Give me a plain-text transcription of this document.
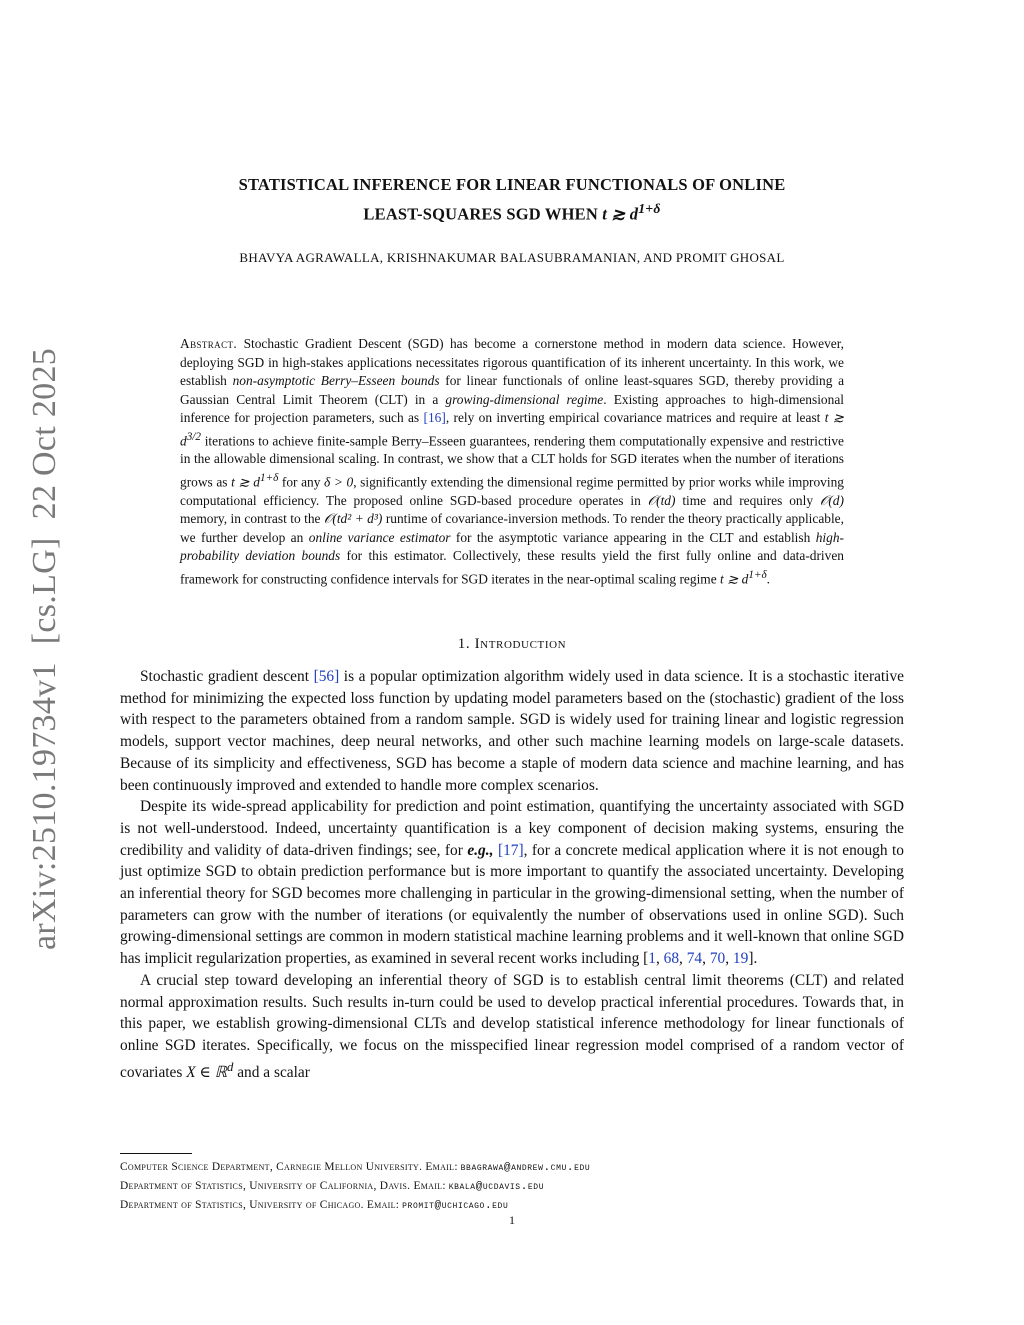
arXiv:2510.19734v1[cs.LG]22 Oct 2025
STATISTICAL INFERENCE FOR LINEAR FUNCTIONALS OF ONLINE
LEAST-SQUARES SGD WHEN t ≳ $d^{1+\delta}$
BHAVYA AGRAWALLA, KRISHNAKUMAR BALASUBRAMANIAN, AND PROMIT GHOSAL
Abstract. Stochastic Gradient Descent (SGD) has become a cornerstone method in modern data science. However, deploying SGD in high-stakes applications necessitates rigorous quantification of its inherent uncertainty. In this work, we establish non-asymptotic Berry–Esseen bounds for linear functionals of online least-squares SGD, thereby providing a Gaussian Central Limit Theorem (CLT) in a growing-dimensional regime. Existing approaches to high-dimensional inference for projection parameters, such as [16], rely on inverting empirical covariance matrices and require at least t ≳ $d^{3/2}$ iterations to achieve finite-sample Berry–Esseen guarantees, rendering them computationally expensive and restrictive in the allowable dimensional scaling. In contrast, we show that a CLT holds for SGD iterates when the number of iterations grows as t ≳ $d^{1+\delta}$ for any δ > 0, significantly extending the dimensional regime permitted by prior works while improving computational efficiency. The proposed online SGD-based procedure operates in 𝒪(td) time and requires only 𝒪(d) memory, in contrast to the 𝒪(td² + d³) runtime of covariance-inversion methods. To render the theory practically applicable, we further develop an online variance estimator for the asymptotic variance appearing in the CLT and establish high-probability deviation bounds for this estimator. Collectively, these results yield the first fully online and data-driven framework for constructing confidence intervals for SGD iterates in the near-optimal scaling regime t ≳ $d^{1+\delta}$.
1. Introduction

Stochastic gradient descent [56] is a popular optimization algorithm widely used in data science. It is a stochastic iterative method for minimizing the expected loss function by updating model parameters based on the (stochastic) gradient of the loss with respect to the parameters obtained from a random sample. SGD is widely used for training linear and logistic regression models, support vector machines, deep neural networks, and other such machine learning models on large-scale datasets. Because of its simplicity and effectiveness, SGD has become a staple of modern data science and machine learning, and has been continuously improved and extended to handle more complex scenarios.

Despite its wide-spread applicability for prediction and point estimation, quantifying the uncertainty associated with SGD is not well-understood. Indeed, uncertainty quantification is a key component of decision making systems, ensuring the credibility and validity of data-driven findings; see, for e.g., [17], for a concrete medical application where it is not enough to just optimize SGD to obtain prediction performance but is more important to quantify the associated uncertainty. Developing an inferential theory for SGD becomes more challenging in particular in the growing-dimensional setting, when the number of parameters can grow with the number of iterations (or equivalently the number of observations used in online SGD). Such growing-dimensional settings are common in modern statistical machine learning problems and it well-known that online SGD has implicit regularization properties, as examined in several recent works including [1, 68, 74, 70, 19].

A crucial step toward developing an inferential theory of SGD is to establish central limit theorems (CLT) and related normal approximation results. Such results in-turn could be used to develop practical inferential procedures. Towards that, in this paper, we establish growing-dimensional CLTs and develop statistical inference methodology for linear functionals of online SGD iterates. Specifically, we focus on the misspecified linear regression model comprised of a random vector of covariates X ∈ ℝ$^d$ and a scalar

Computer Science Department, Carnegie Mellon University. Email: bbagrawa@andrew.cmu.edu
Department of Statistics, University of California, Davis. Email: kbala@ucdavis.edu
Department of Statistics, University of Chicago. Email: promit@uchicago.edu
1
